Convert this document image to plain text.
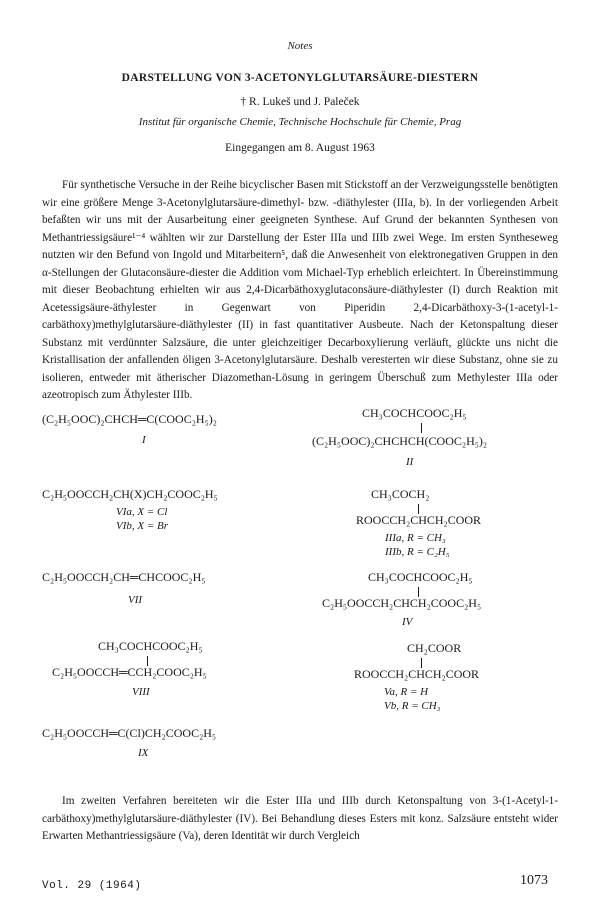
Notes
DARSTELLUNG VON 3-ACETONYLGLUTARSÄURE-DIESTERN
† R. Lukeš und J. Paleček
Institut für organische Chemie, Technische Hochschule für Chemie, Prag
Eingegangen am 8. August 1963
Für synthetische Versuche in der Reihe bicyclischer Basen mit Stickstoff an der Verzweigungsstelle benötigten wir eine größere Menge 3-Acetonylglutarsäure-dimethyl- bzw. -diäthylester (IIIa, b). In der vorliegenden Arbeit befaßten wir uns mit der Ausarbeitung einer geeigneten Synthese. Auf Grund der bekannten Synthesen von Methantriessigsäure¹⁻⁴ wählten wir zur Darstellung der Ester IIIa und IIIb zwei Wege. Im ersten Syntheseweg nutzten wir den Befund von Ingold und Mitarbeitern⁵, daß die Anwesenheit von elektronegativen Gruppen in den α-Stellungen der Glutaconsäure-diester die Addition vom Michael-Typ erheblich erleichtert. In Übereinstimmung mit dieser Beobachtung erhielten wir aus 2,4-Dicarbäthoxyglutaconsäure-diäthylester (I) durch Reaktion mit Acetessigsäure-äthylester in Gegenwart von Piperidin 2,4-Dicarbäthoxy-3-(1-acetyl-1-carbäthoxy)methylglutarsäure-diäthylester (II) in fast quantitativer Ausbeute. Nach der Ketonspaltung dieser Substanz mit verdünnter Salzsäure, die unter gleichzeitiger Decarboxylierung verläuft, glückte uns nicht die Kristallisation der anfallenden öligen 3-Acetonylglutarsäure. Deshalb veresterten wir diese Substanz, ohne sie zu isolieren, entweder mit ätherischer Diazomethan-Lösung in geringem Überschuß zum Methylester IIIa oder azeotropisch zum Äthylester IIIb.
(C₂H₅OOC)₂CHCH═C(COOC₂H₅)₂
I
CH₃COCHCOOC₂H₅
(C₂H₅OOC)₂CHCHCH(COOC₂H₅)₂
II
C₂H₅OOCCH₂CH(X)CH₂COOC₂H₅
VIa, X = Cl
VIb, X = Br
CH₃COCH₂
ROOCCH₂CHCH₂COOR
IIIa, R = CH₃
IIIb, R = C₂H₅
C₂H₅OOCCH₂CH═CHCOOC₂H₅
VII
CH₃COCHCOOC₂H₅
C₂H₅OOCCH₂CHCH₂COOC₂H₅
IV
CH₃COCHCOOC₂H₅
C₂H₅OOCCH═CCH₂COOC₂H₅
VIII
CH₂COOR
ROOCCH₂CHCH₂COOR
Va, R = H
Vb, R = CH₃
C₂H₅OOCCH═C(Cl)CH₂COOC₂H₅
IX
Im zweiten Verfahren bereiteten wir die Ester IIIa und IIIb durch Ketonspaltung von 3-(1-Acetyl-1-carbäthoxy)methylglutarsäure-diäthylester (IV). Bei Behandlung dieses Esters mit konz. Salzsäure entsteht wider Erwarten Methantriessigsäure (Va), deren Identität wir durch Vergleich
Vol. 29 (1964)	1073
